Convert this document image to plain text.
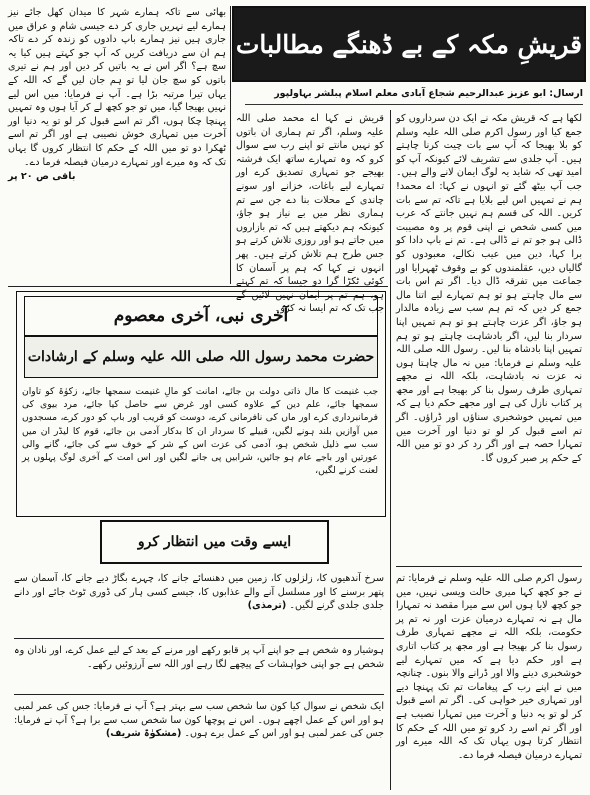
بھائی سے تاکہ ہمارے شہر کا میدان کھل جائے نیز ہمارے لیے نہریں جاری کر دے جیسی شام و عراق میں جاری ہیں نیز ہمارے باپ دادوں کو زندہ کر دے تاکہ ہم ان سے دریافت کریں کہ آپ جو کہتے ہیں کیا یہ سچ ہے؟ اگر اس نے یہ باتیں کر دیں اور ہم نے تیری باتوں کو سچ جان لیا تو ہم جان لیں گے کہ اللہ کے یہاں تیرا مرتبہ بڑا ہے۔ آپ نے فرمایا: میں اس لیے نہیں بھیجا گیا، میں تو جو کچھ لے کر آیا ہوں وہ تمہیں پہنچا چکا ہوں، اگر تم اسے قبول کر لو تو یہ دنیا اور آخرت میں تمہاری خوش نصیبی ہے اور اگر تم اسے ٹھکرا دو تو میں اللہ کے حکم کا انتظار کروں گا یہاں تک کہ وہ میرے اور تمہارے درمیان فیصلہ فرما دے۔

باقی ص ۲۰ پر

قریشِ مکہ کے بے ڈھنگے مطالبات
ارسال: ابو عزیز عبدالرحیم شجاع آبادی معلم اسلام پبلشر بہاولپور

قریش نے کہا اے محمد صلی اللہ علیہ وسلم، اگر تم ہماری ان باتوں کو نہیں مانتے تو اپنے رب سے سوال کرو کہ وہ تمہارے ساتھ ایک فرشتہ بھیجے جو تمہاری تصدیق کرے اور تمہارے لیے باغات، خزانے اور سونے چاندی کے محلات بنا دے جن سے تم ہماری نظر میں بے نیاز ہو جاؤ، کیونکہ ہم دیکھتے ہیں کہ تم بازاروں میں جاتے ہو اور روزی تلاش کرتے ہو جس طرح ہم تلاش کرتے ہیں۔ پھر انہوں نے کہا کہ ہم پر آسمان کا کوئی ٹکڑا گرا دو جیسا کہ تم کہتے ہو، ہم تم پر ایمان نہیں لائیں گے جب تک کہ تم ایسا نہ کرو۔

لکھا ہے کہ قریش مکہ نے ایک دن سرداروں کو جمع کیا اور رسول اکرم صلی اللہ علیہ وسلم کو بلا بھیجا کہ آپ سے بات چیت کرنا چاہتے ہیں۔ آپ جلدی سے تشریف لائے کیونکہ آپ کو امید تھی کہ شاید یہ لوگ ایمان لانے والے ہیں۔ جب آپ بیٹھ گئے تو انہوں نے کہا: اے محمد! ہم نے تمہیں اس لیے بلایا ہے تاکہ تم سے بات کریں۔ اللہ کی قسم ہم نہیں جانتے کہ عرب میں کسی شخص نے اپنی قوم پر وہ مصیبت ڈالی ہو جو تم نے ڈالی ہے۔ تم نے باپ دادا کو برا کہا، دین میں عیب نکالے، معبودوں کو گالیاں دیں، عقلمندوں کو بے وقوف ٹھہرایا اور جماعت میں تفرقہ ڈال دیا۔ اگر تم اس بات سے مال چاہتے ہو تو ہم تمہارے لیے اتنا مال جمع کر دیں کہ تم ہم سب سے زیادہ مالدار ہو جاؤ، اگر عزت چاہتے ہو تو ہم تمہیں اپنا سردار بنا لیں، اگر بادشاہت چاہتے ہو تو ہم تمہیں اپنا بادشاہ بنا لیں۔ رسول اللہ صلی اللہ علیہ وسلم نے فرمایا: میں نہ مال چاہتا ہوں نہ عزت نہ بادشاہت، بلکہ اللہ نے مجھے تمہاری طرف رسول بنا کر بھیجا ہے اور مجھ پر کتاب نازل کی ہے اور مجھے حکم دیا ہے کہ میں تمہیں خوشخبری سناؤں اور ڈراؤں۔ اگر تم اسے قبول کر لو تو دنیا اور آخرت میں تمہارا حصہ ہے اور اگر رد کر دو تو میں اللہ کے حکم پر صبر کروں گا۔

رسول اکرم صلی اللہ علیہ وسلم نے فرمایا: تم نے جو کچھ کہا میری حالت ویسی نہیں، میں جو کچھ لایا ہوں اس سے میرا مقصد نہ تمہارا مال ہے نہ تمہارے درمیان عزت اور نہ تم پر حکومت، بلکہ اللہ نے مجھے تمہاری طرف رسول بنا کر بھیجا ہے اور مجھ پر کتاب اتاری ہے اور حکم دیا ہے کہ میں تمہارے لیے خوشخبری دینے والا اور ڈرانے والا بنوں۔ چنانچہ میں نے اپنے رب کے پیغامات تم تک پہنچا دیے اور تمہاری خیر خواہی کی۔ اگر تم اسے قبول کر لو تو یہ دنیا و آخرت میں تمہارا نصیب ہے اور اگر تم اسے رد کرو تو میں اللہ کے حکم کا انتظار کرتا ہوں یہاں تک کہ اللہ میرے اور تمہارے درمیان فیصلہ فرما دے۔

آخری نبی، آخری معصوم
حضرت محمد رسول اللہ صلی اللہ علیہ وسلم کے ارشادات

جب غنیمت کا مال ذاتی دولت بن جائے، امانت کو مالِ غنیمت سمجھا جائے، زکوٰۃ کو تاوان سمجھا جائے، علم دین کے علاوہ کسی اور غرض سے حاصل کیا جائے، مرد بیوی کی فرمانبرداری کرے اور ماں کی نافرمانی کرے، دوست کو قریب اور باپ کو دور کرے، مسجدوں میں آوازیں بلند ہونے لگیں، قبیلے کا سردار ان کا بدکار آدمی بن جائے، قوم کا لیڈر ان میں سب سے ذلیل شخص ہو، آدمی کی عزت اس کے شر کے خوف سے کی جائے، گانے والی عورتیں اور باجے عام ہو جائیں، شرابیں پی جانے لگیں اور اس امت کے آخری لوگ پہلوں پر لعنت کرنے لگیں،

ایسے وقت میں انتظار کرو

سرخ آندھیوں کا، زلزلوں کا، زمین میں دھنسائے جانے کا، چہرے بگاڑ دیے جانے کا، آسمان سے پتھر برسنے کا اور مسلسل آنے والے عذابوں کا، جیسے کسی ہار کی ڈوری ٹوٹ جائے اور دانے جلدی جلدی گرنے لگیں۔ (ترمذی)

ہوشیار وہ شخص ہے جو اپنے آپ پر قابو رکھے اور مرنے کے بعد کے لیے عمل کرے، اور نادان وہ شخص ہے جو اپنی خواہشات کے پیچھے لگا رہے اور اللہ سے آرزوئیں رکھے۔

ایک شخص نے سوال کیا کون سا شخص سب سے بہتر ہے؟ آپ نے فرمایا: جس کی عمر لمبی ہو اور اس کے عمل اچھے ہوں۔ اس نے پوچھا کون سا شخص سب سے برا ہے؟ آپ نے فرمایا: جس کی عمر لمبی ہو اور اس کے عمل برے ہوں۔ (مشکوٰۃ شریف)
